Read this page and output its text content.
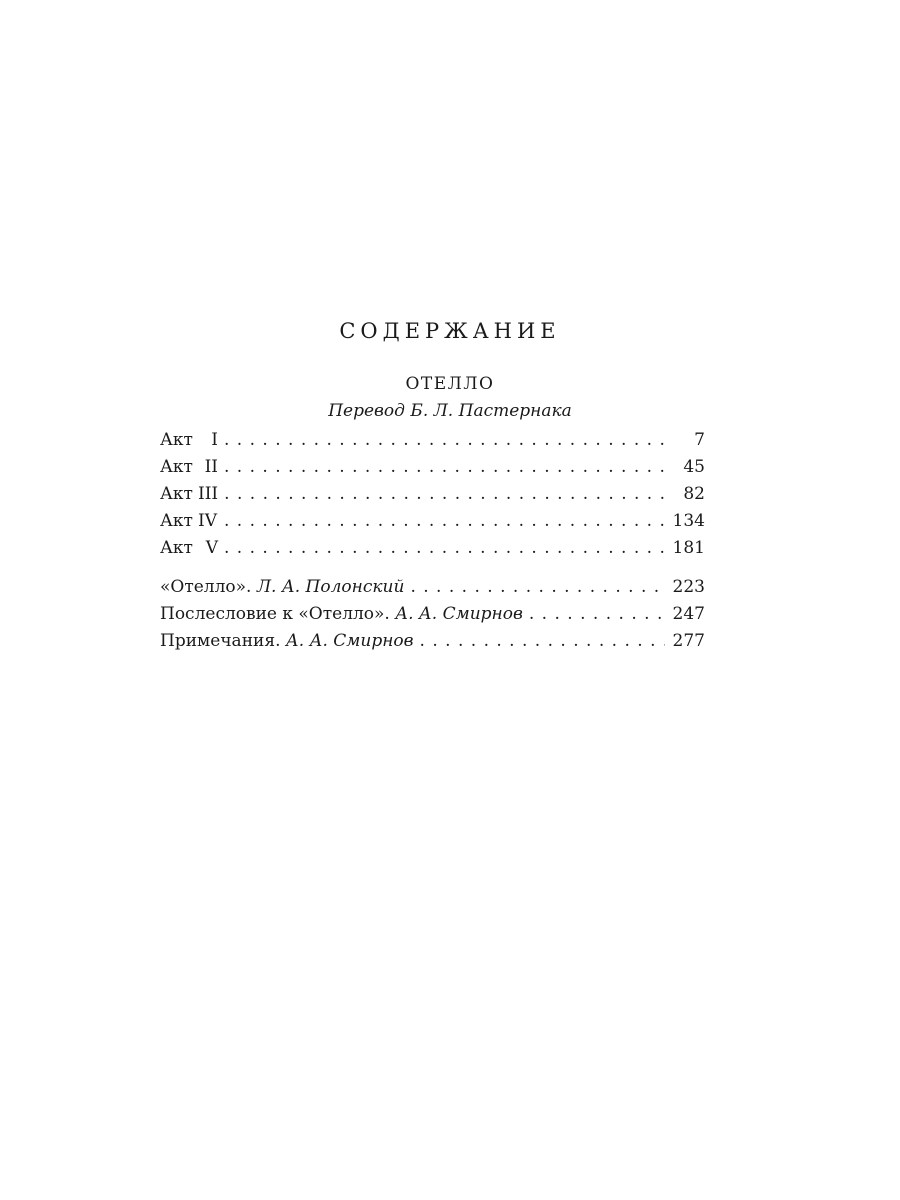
СОДЕРЖАНИЕ
ОТЕЛЛО
Перевод Б. Л. Пастернака
Акт I . . .	7
Акт II . . .	45
Акт III . . .	82
Акт IV . . .	134
Акт V . . .	181
«Отелло». Л. А. Полонский . . .	223
Послесловие к «Отелло». А. А. Смирнов . . .	247
Примечания. А. А. Смирнов . . .	277
